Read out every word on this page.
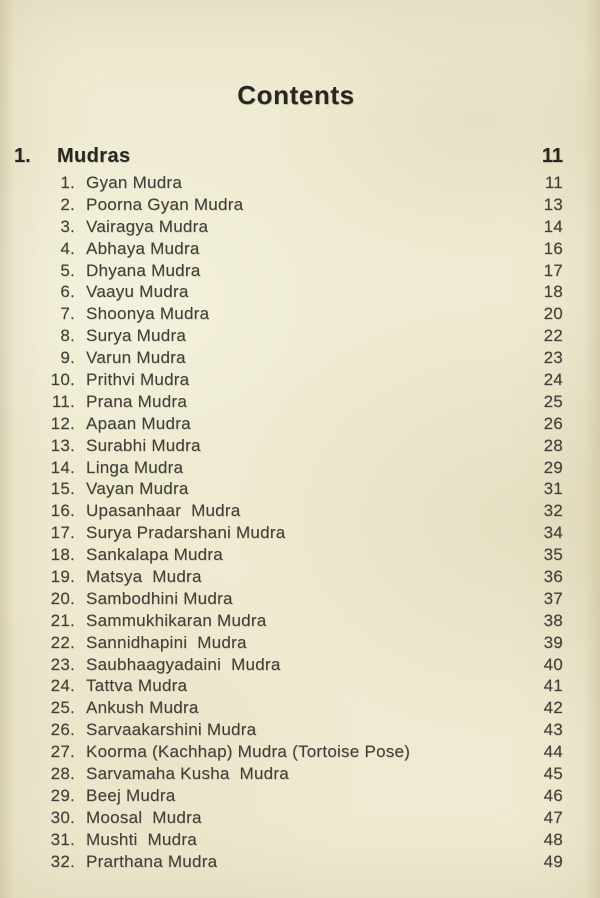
Contents
1.	Mudras	11
1. Gyan Mudra	11
2. Poorna Gyan Mudra	13
3. Vairagya Mudra	14
4. Abhaya Mudra	16
5. Dhyana Mudra	17
6. Vaayu Mudra	18
7. Shoonya Mudra	20
8. Surya Mudra	22
9. Varun Mudra	23
10. Prithvi Mudra	24
11. Prana Mudra	25
12. Apaan Mudra	26
13. Surabhi Mudra	28
14. Linga Mudra	29
15. Vayan Mudra	31
16. Upasanhaar  Mudra	32
17. Surya Pradarshani Mudra	34
18. Sankalapa Mudra	35
19. Matsya  Mudra	36
20. Sambodhini Mudra	37
21. Sammukhikaran Mudra	38
22. Sannidhapini  Mudra	39
23. Saubhaagyadaini  Mudra	40
24. Tattva Mudra	41
25. Ankush Mudra	42
26. Sarvaakarshini Mudra	43
27. Koorma (Kachhap) Mudra (Tortoise Pose)	44
28. Sarvamaha Kusha  Mudra	45
29. Beej Mudra	46
30. Moosal  Mudra	47
31. Mushti  Mudra	48
32. Prarthana Mudra	49
